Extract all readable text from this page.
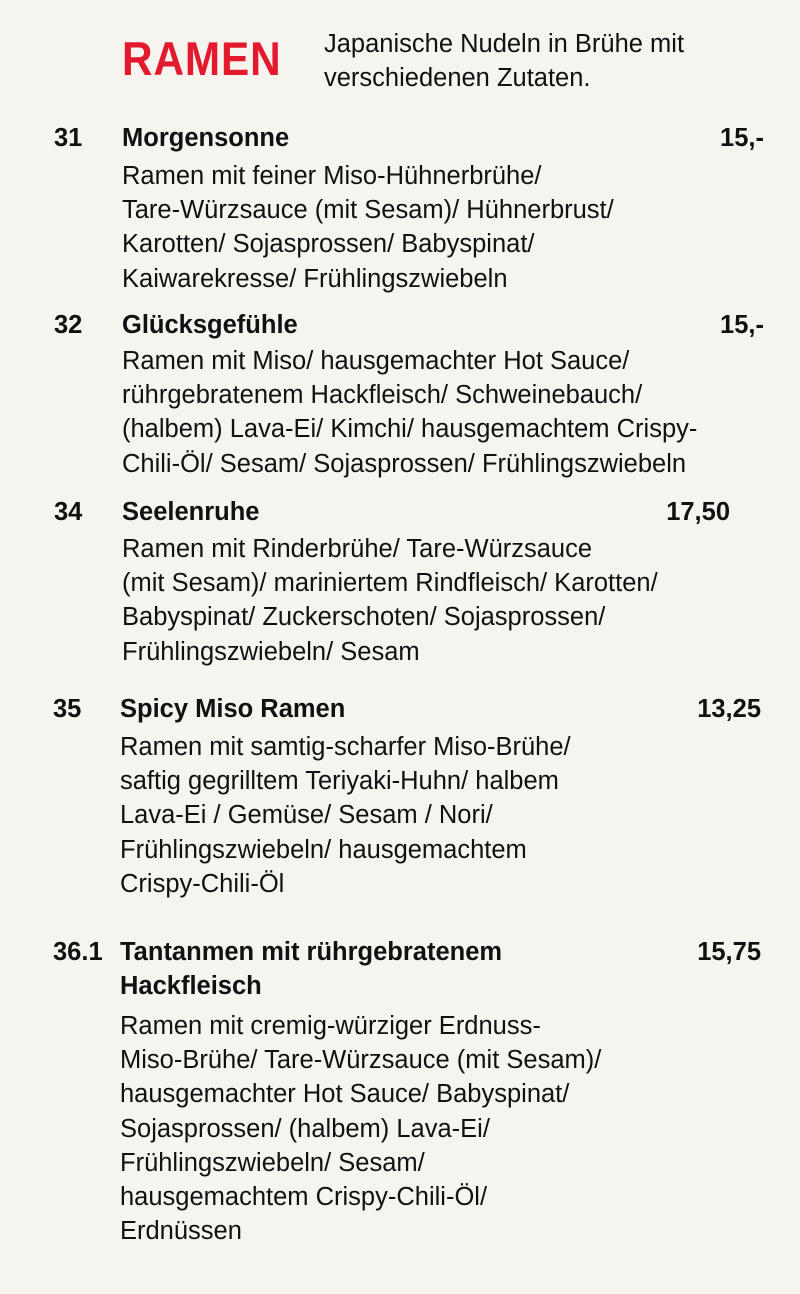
RAMEN Japanische Nudeln in Brühe mit
verschiedenen Zutaten.
31 Morgensonne	15,-
Ramen mit feiner Miso-Hühnerbrühe/
Tare-Würzsauce (mit Sesam)/ Hühnerbrust/
Karotten/ Sojasprossen/ Babyspinat/
Kaiwarekresse/ Frühlingszwiebeln
32 Glücksgefühle	15,-
Ramen mit Miso/ hausgemachter Hot Sauce/
rührgebratenem Hackfleisch/ Schweinebauch/
(halbem) Lava-Ei/ Kimchi/ hausgemachtem Crispy-
Chili-Öl/ Sesam/ Sojasprossen/ Frühlingszwiebeln
34 Seelenruhe	17,50
Ramen mit Rinderbrühe/ Tare-Würzsauce
(mit Sesam)/ mariniertem Rindfleisch/ Karotten/
Babyspinat/ Zuckerschoten/ Sojasprossen/
Frühlingszwiebeln/ Sesam
35 Spicy Miso Ramen	13,25
Ramen mit samtig-scharfer Miso-Brühe/
saftig gegrilltem Teriyaki-Huhn/ halbem
Lava-Ei / Gemüse/ Sesam / Nori/
Frühlingszwiebeln/ hausgemachtem
Crispy-Chili-Öl
36.1 Tantanmen mit rührgebratenem
Hackfleisch
15,75
Ramen mit cremig-würziger Erdnuss-
Miso-Brühe/ Tare-Würzsauce (mit Sesam)/
hausgemachter Hot Sauce/ Babyspinat/
Sojasprossen/ (halbem) Lava-Ei/
Frühlingszwiebeln/ Sesam/
hausgemachtem Crispy-Chili-Öl/
Erdnüssen
